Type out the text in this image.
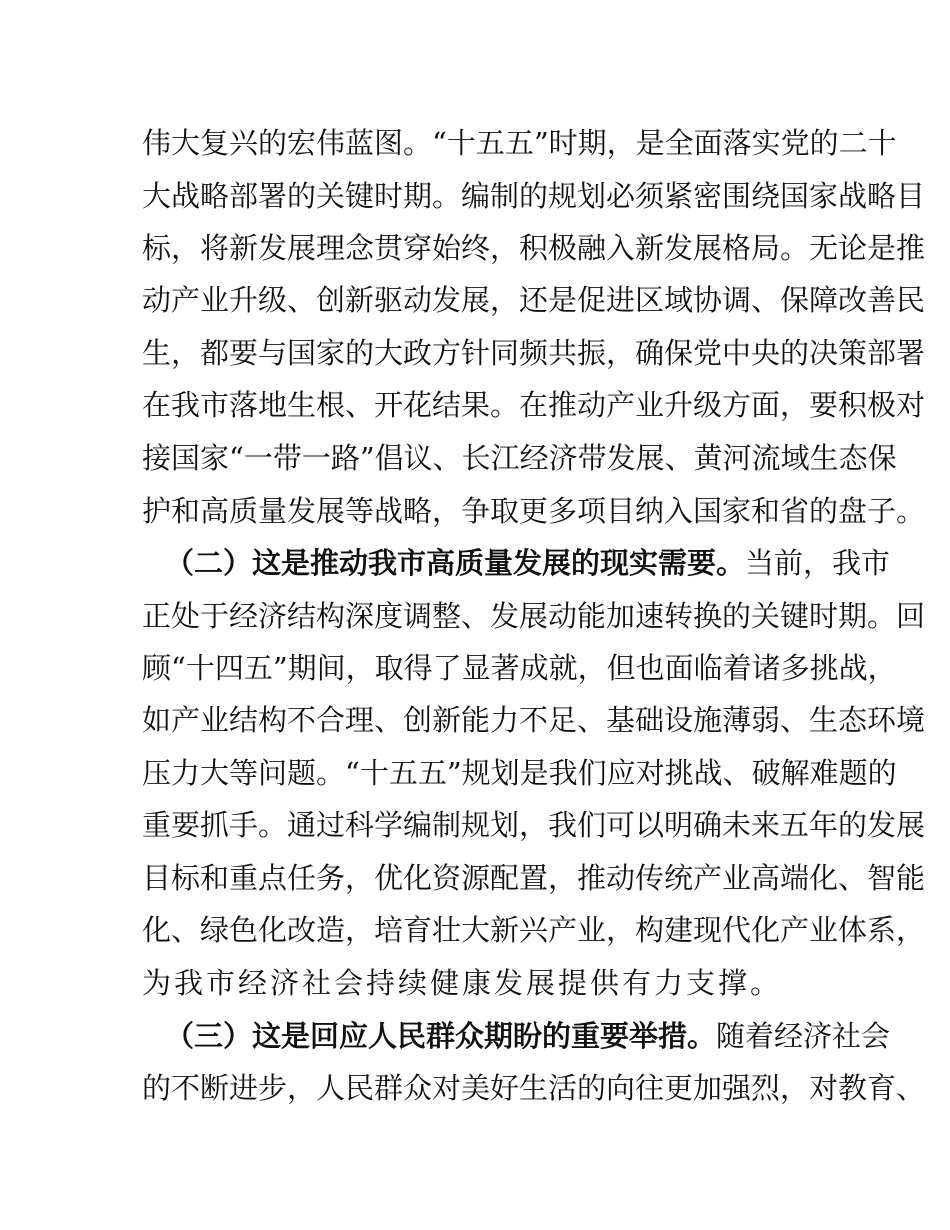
伟大复兴的宏伟蓝图。“十五五”时期，是全面落实党的二十
大战略部署的关键时期。编制的规划必须紧密围绕国家战略目
标，将新发展理念贯穿始终，积极融入新发展格局。无论是推
动产业升级、创新驱动发展，还是促进区域协调、保障改善民
生，都要与国家的大政方针同频共振，确保党中央的决策部署
在我市落地生根、开花结果。在推动产业升级方面，要积极对
接国家“一带一路”倡议、长江经济带发展、黄河流域生态保
护和高质量发展等战略，争取更多项目纳入国家和省的盘子。
（二）这是推动我市高质量发展的现实需要。当前，我市
正处于经济结构深度调整、发展动能加速转换的关键时期。回
顾“十四五”期间，取得了显著成就，但也面临着诸多挑战，
如产业结构不合理、创新能力不足、基础设施薄弱、生态环境
压力大等问题。“十五五”规划是我们应对挑战、破解难题的
重要抓手。通过科学编制规划，我们可以明确未来五年的发展
目标和重点任务，优化资源配置，推动传统产业高端化、智能
化、绿色化改造，培育壮大新兴产业，构建现代化产业体系，
为我市经济社会持续健康发展提供有力支撑。
（三）这是回应人民群众期盼的重要举措。随着经济社会
的不断进步，人民群众对美好生活的向往更加强烈，对教育、
